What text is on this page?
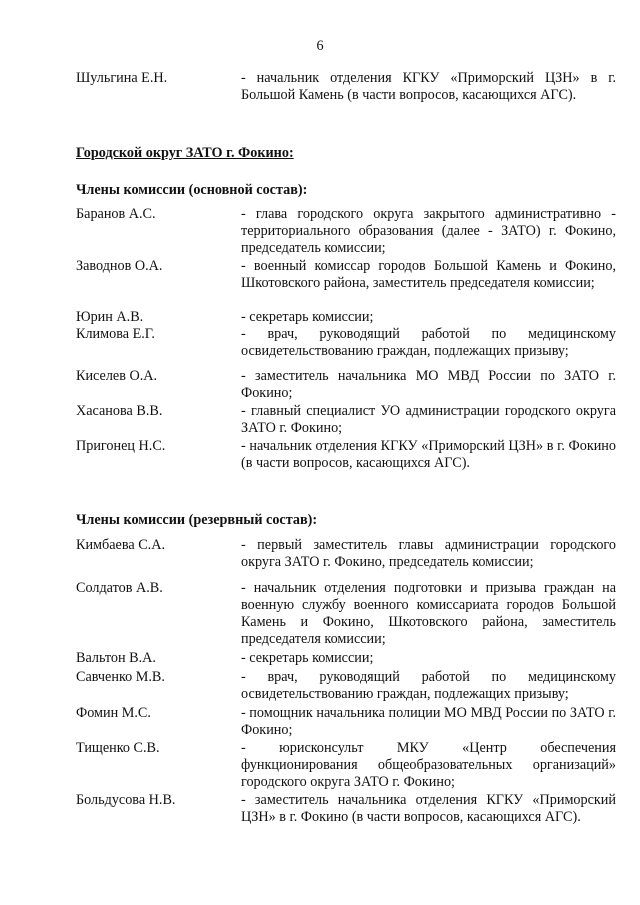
6
Шульгина Е.Н.	- начальник отделения КГКУ «Приморский ЦЗН» в г. Большой Камень (в части вопросов, касающихся АГС).
Городской округ ЗАТО г. Фокино:
Члены комиссии (основной состав):
Баранов А.С.	- глава городского округа закрытого административно - территориального образования (далее - ЗАТО) г. Фокино, председатель комиссии;
Заводнов О.А.	- военный комиссар городов Большой Камень и Фокино, Шкотовского района, заместитель председателя комиссии;
Юрин А.В.	- секретарь комиссии;
Климова Е.Г.	- врач, руководящий работой по медицинскому освидетельствованию граждан, подлежащих призыву;
Киселев О.А.	- заместитель начальника МО МВД России по ЗАТО г. Фокино;
Хасанова В.В.	- главный специалист УО администрации городского округа ЗАТО г. Фокино;
Пригонец Н.С.	- начальник отделения КГКУ «Приморский ЦЗН» в г. Фокино (в части вопросов, касающихся АГС).
Члены комиссии (резервный состав):
Кимбаева С.А.	- первый заместитель главы администрации городского округа ЗАТО г. Фокино, председатель комиссии;
Солдатов А.В.	- начальник отделения подготовки и призыва граждан на военную службу военного комиссариата городов Большой Камень и Фокино, Шкотовского района, заместитель председателя комиссии;
Вальтон В.А.	- секретарь комиссии;
Савченко М.В.	- врач, руководящий работой по медицинскому освидетельствованию граждан, подлежащих призыву;
Фомин М.С.	- помощник начальника полиции МО МВД России по ЗАТО г. Фокино;
Тищенко С.В.	- юрисконсульт МКУ «Центр обеспечения функционирования общеобразовательных организаций» городского округа ЗАТО г. Фокино;
Больдусова Н.В.	- заместитель начальника отделения КГКУ «Приморский ЦЗН» в г. Фокино (в части вопросов, касающихся АГС).
